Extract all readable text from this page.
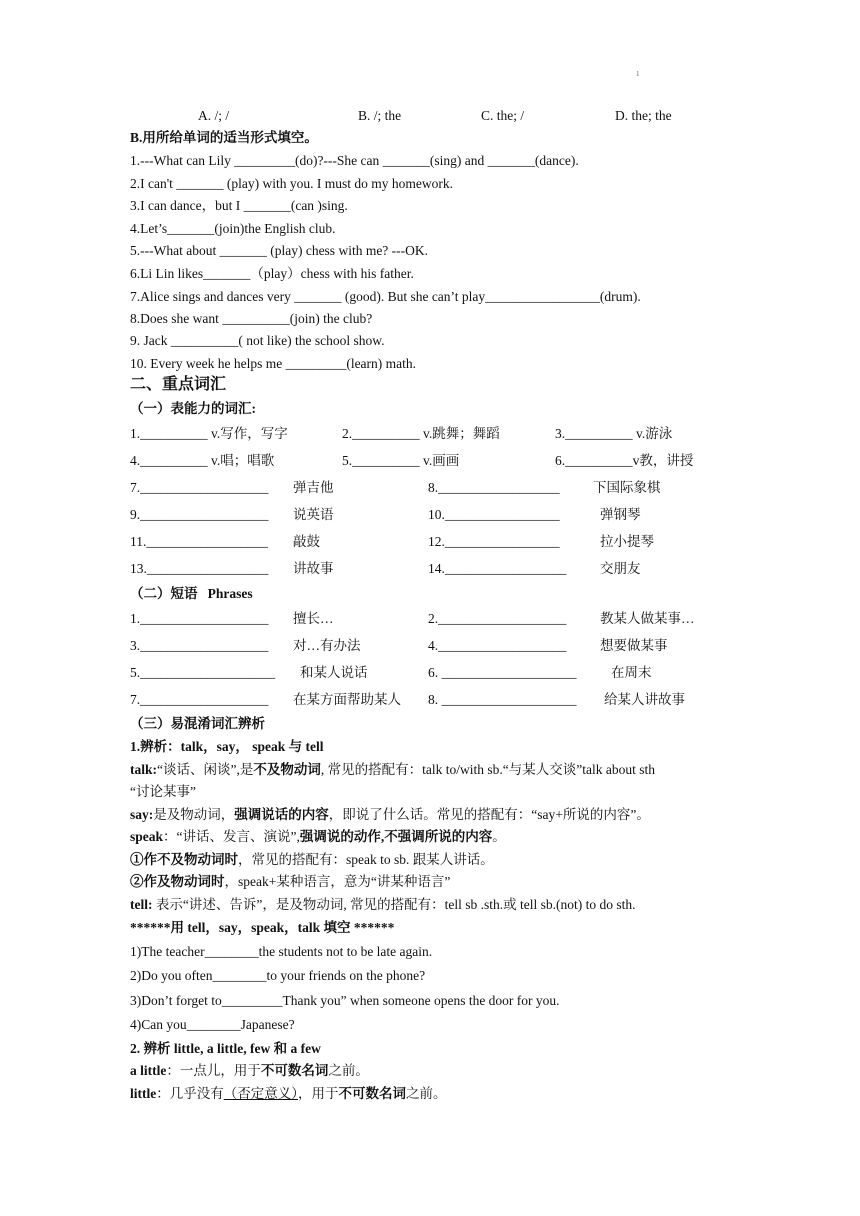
1
A. /; /	B. /; the	C. the; /	D. the; the
B.用所给单词的适当形式填空。
1.---What can Lily _________(do)?---She can _______(sing) and _______(dance).
2.I can't _______ (play) with you. I must do my homework.
3.I can dance，but I _______(can )sing.
4.Let’s_______(join)the English club.
5.---What about _______ (play) chess with me? ---OK.
6.Li Lin likes_______（play）chess with his father.
7.Alice sings and dances very _______ (good). But she can’t play_________________(drum).
8.Does she want __________(join) the club?
9. Jack __________( not like) the school show.
10. Every week he helps me _________(learn) math.
二、重点词汇
（一）表能力的词汇:
1.__________ v.写作，写字	2.__________ v.跳舞；舞蹈	3.__________ v.游泳
4.__________ v.唱；唱歌	5.__________ v.画画	6.__________v教，讲授
7.___________________ 弹吉他	8.__________________ 下国际象棋
9.___________________ 说英语	10._________________	弹钢琴
11.__________________ 敲鼓	12._________________	拉小提琴
13.__________________ 讲故事	14.__________________ 交朋友
（二）短语 Phrases
1.___________________ 擅长…	2.___________________ 教某人做某事…
3.___________________ 对…有办法	4.___________________ 想要做某事
5.____________________ 和某人说话	6. ____________________	在周末
7.___________________ 在某方面帮助某人 8. ____________________ 给某人讲故事
（三）易混淆词汇辨析
1.辨析：talk，say， speak 与 tell
talk:“谈话、闲谈”,是不及物动词, 常见的搭配有：talk to/with sb.“与某人交谈”talk about sth
“讨论某事”
say:是及物动词，强调说话的内容，即说了什么话。常见的搭配有：“say+所说的内容”。
speak：“讲话、发言、演说”,强调说的动作,不强调所说的内容。
①作不及物动词时，常见的搭配有：speak to sb. 跟某人讲话。
②作及物动词时，speak+某种语言，意为“讲某种语言”
tell: 表示“讲述、告诉”，是及物动词, 常见的搭配有：tell sb .sth.或 tell sb.(not) to do sth.
******用 tell，say，speak，talk 填空 ******
1)The teacher________the students not to be late again.
2)Do you often________to your friends on the phone?
3)Don’t forget to_________Thank you” when someone opens the door for you.
4)Can you________Japanese?
2. 辨析 little, a little, few 和 a few
a little：一点儿，用于不可数名词之前。
little：几乎没有（否定意义），用于不可数名词之前。
